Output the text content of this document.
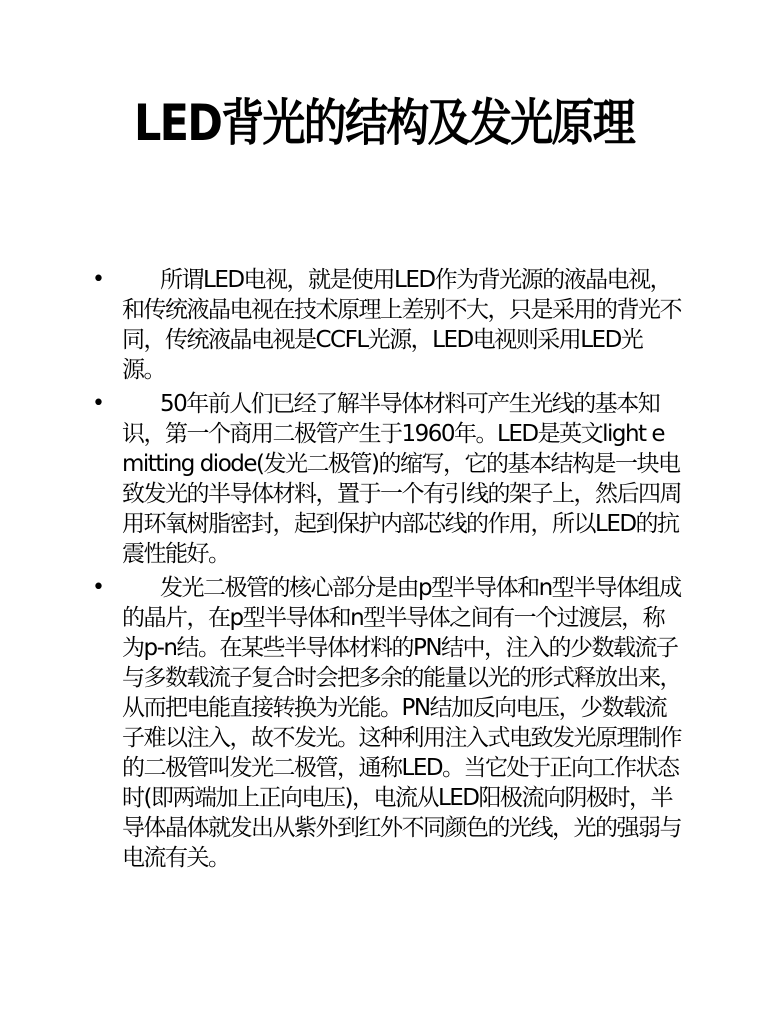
LED背光的结构及发光原理
• 所谓LED电视，就是使用LED作为背光源的液晶电视，和传统液晶电视在技术原理上差别不大，只是采用的背光不同，传统液晶电视是CCFL光源，LED电视则采用LED光源。
• 50年前人们已经了解半导体材料可产生光线的基本知识，第一个商用二极管产生于1960年。LED是英文light emitting diode(发光二极管)的缩写，它的基本结构是一块电致发光的半导体材料，置于一个有引线的架子上，然后四周用环氧树脂密封，起到保护内部芯线的作用，所以LED的抗震性能好。
• 发光二极管的核心部分是由p型半导体和n型半导体组成的晶片，在p型半导体和n型半导体之间有一个过渡层，称为p-n结。在某些半导体材料的PN结中，注入的少数载流子与多数载流子复合时会把多余的能量以光的形式释放出来，从而把电能直接转换为光能。PN结加反向电压，少数载流子难以注入，故不发光。这种利用注入式电致发光原理制作的二极管叫发光二极管，通称LED。当它处于正向工作状态时(即两端加上正向电压)，电流从LED阳极流向阴极时，半导体晶体就发出从紫外到红外不同颜色的光线，光的强弱与电流有关。
